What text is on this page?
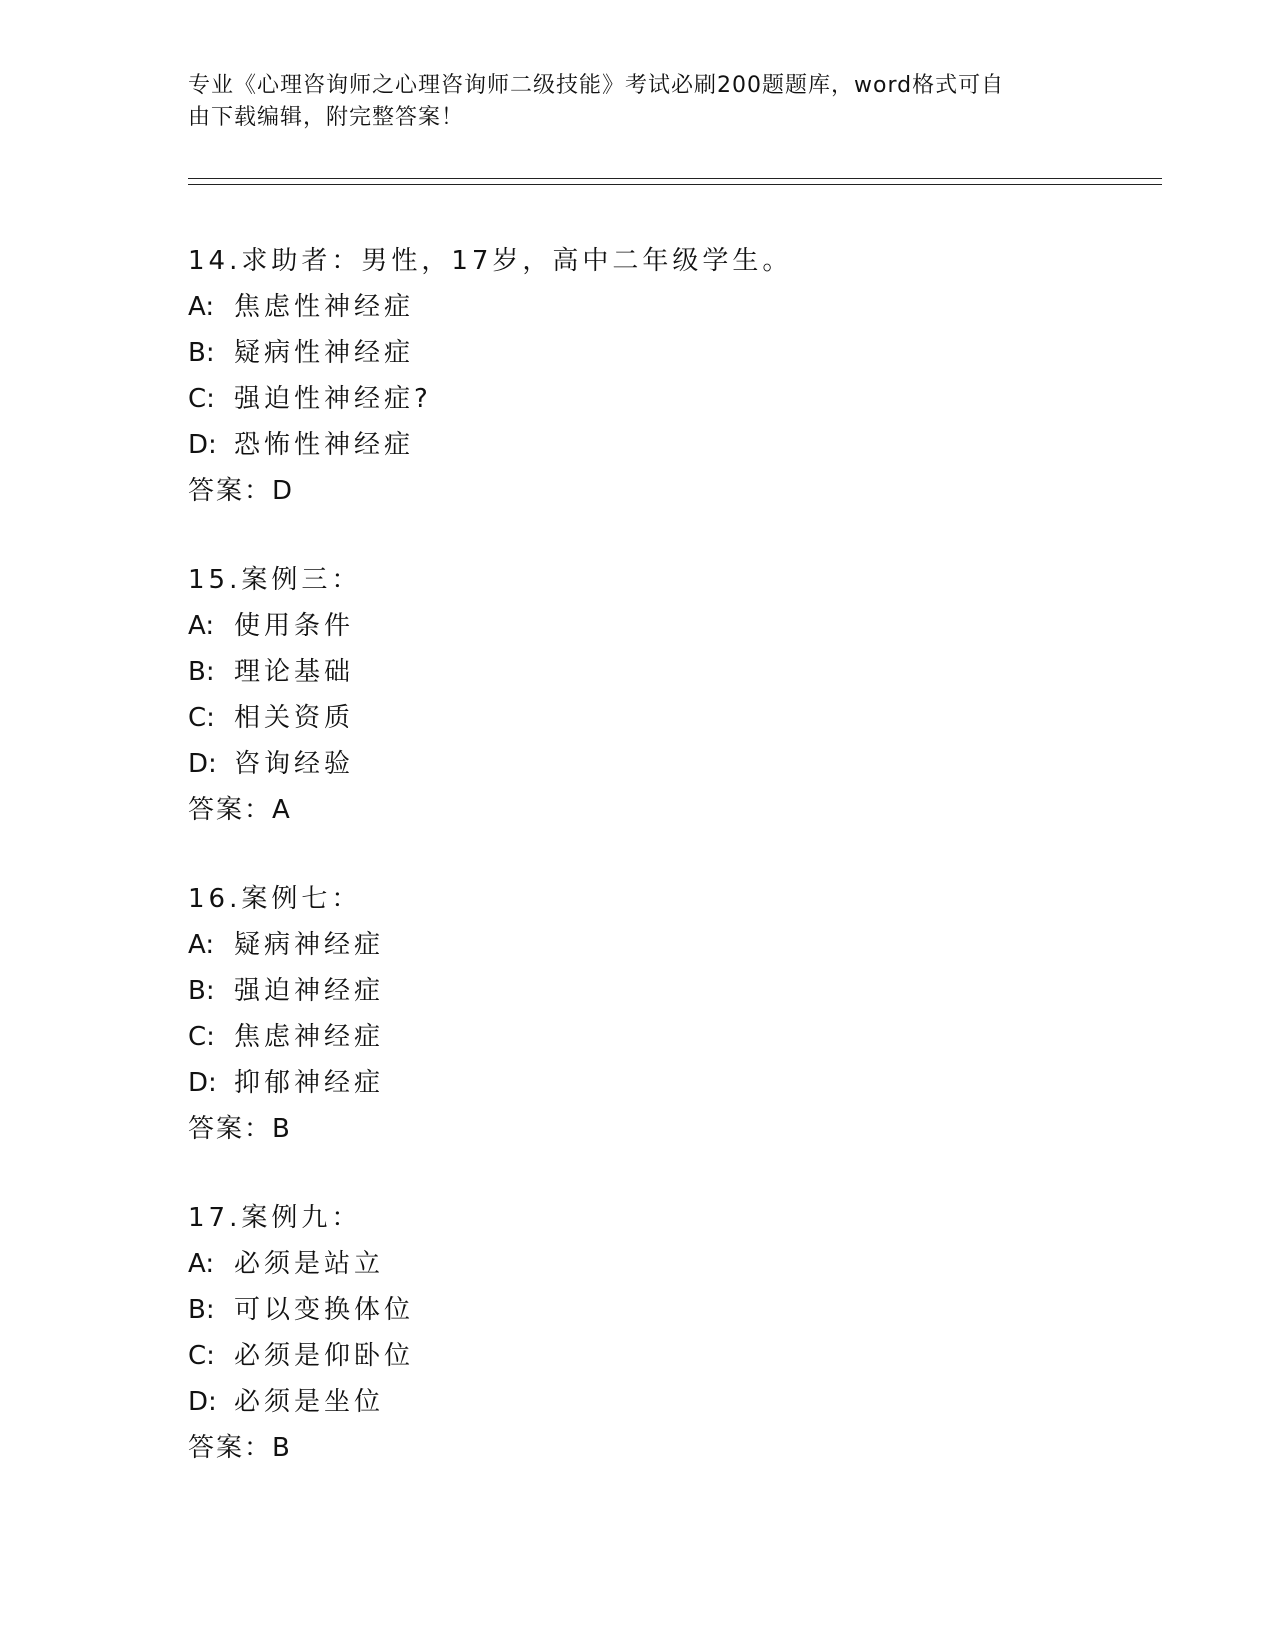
专业《心理咨询师之心理咨询师二级技能》考试必刷200题题库，word格式可自
由下载编辑，附完整答案！
14.求助者：男性，17岁，高中二年级学生。
A: 焦虑性神经症
B: 疑病性神经症
C: 强迫性神经症?
D: 恐怖性神经症
答案：D
15.案例三：
A: 使用条件
B: 理论基础
C: 相关资质
D: 咨询经验
答案：A
16.案例七：
A: 疑病神经症
B: 强迫神经症
C: 焦虑神经症
D: 抑郁神经症
答案：B
17.案例九：
A: 必须是站立
B: 可以变换体位
C: 必须是仰卧位
D: 必须是坐位
答案：B
